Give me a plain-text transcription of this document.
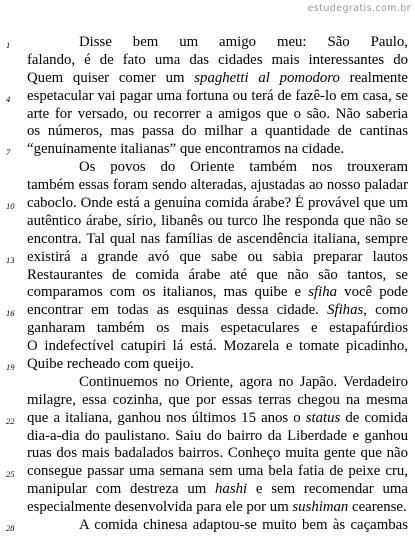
estudegratis.com.br
1	Disse bem um amigo meu: São Paulo,
falando, é de fato uma das cidades mais interessantes do
Quem quiser comer um spaghetti al pomodoro realmente
4	espetacular vai pagar uma fortuna ou terá de fazê-lo em casa, se
arte for versado, ou recorrer a amigos que o são. Não saberia
os números, mas passa do milhar a quantidade de cantinas
7	“genuinamente italianas” que encontramos na cidade.
Os povos do Oriente também nos trouxeram
também essas foram sendo alteradas, ajustadas ao nosso paladar
10 caboclo. Onde está a genuína comida árabe? É provável que um
autêntico árabe, sírio, libanês ou turco lhe responda que não se
encontra. Tal qual nas famílias de ascendência italiana, sempre
13 existirá a grande avó que sabe ou sabia preparar lautos
Restaurantes de comida árabe até que não são tantos, se
comparamos com os italianos, mas quibe e sfiha você pode
16 encontrar em todas as esquinas dessa cidade. Sfihas, como
ganharam também os mais espetaculares e estapafúrdios
O indefectível catupiri lá está. Mozarela e tomate picadinho,
19 Quibe recheado com queijo.
Continuemos no Oriente, agora no Japão. Verdadeiro
milagre, essa cozinha, que por essas terras chegou na mesma
22 que a italiana, ganhou nos últimos 15 anos o status de comida
dia-a-dia do paulistano. Saiu do bairro da Liberdade e ganhou
ruas dos mais badalados bairros. Conheço muita gente que não
25 consegue passar uma semana sem uma bela fatia de peixe cru,
manipular com destreza um hashi e sem recomendar uma
especialmente desenvolvida para ele por um sushiman cearense.
28	A comida chinesa adaptou-se muito bem às caçambas
